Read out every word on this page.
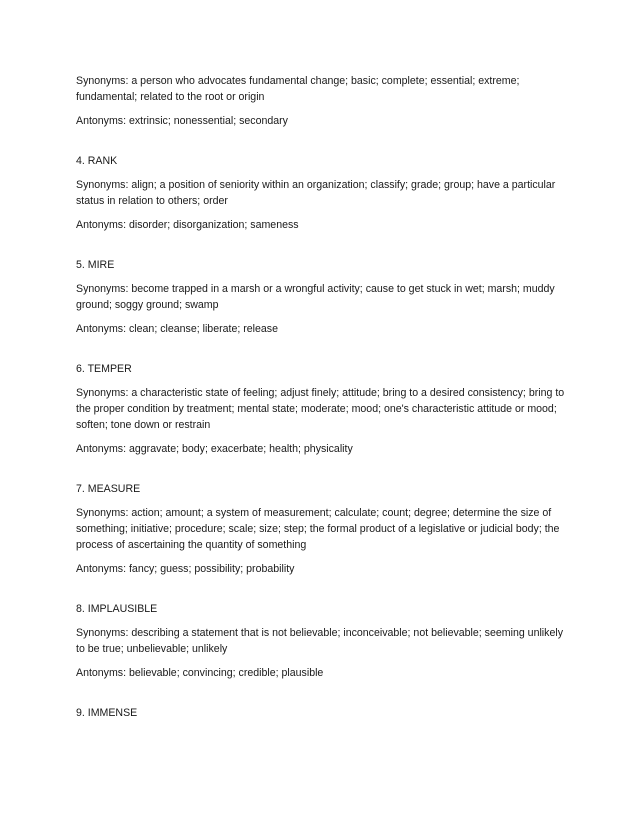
Synonyms: a person who advocates fundamental change; basic; complete; essential; extreme; fundamental; related to the root or origin

Antonyms: extrinsic; nonessential; secondary

4. RANK

Synonyms: align; a position of seniority within an organization; classify; grade; group; have a particular status in relation to others; order

Antonyms: disorder; disorganization; sameness

5. MIRE

Synonyms: become trapped in a marsh or a wrongful activity; cause to get stuck in wet; marsh; muddy ground; soggy ground; swamp

Antonyms: clean; cleanse; liberate; release

6. TEMPER

Synonyms: a characteristic state of feeling; adjust finely; attitude; bring to a desired consistency; bring to the proper condition by treatment; mental state; moderate; mood; one's characteristic attitude or mood; soften; tone down or restrain

Antonyms: aggravate; body; exacerbate; health; physicality

7. MEASURE

Synonyms: action; amount; a system of measurement; calculate; count; degree; determine the size of something; initiative; procedure; scale; size; step; the formal product of a legislative or judicial body; the process of ascertaining the quantity of something

Antonyms: fancy; guess; possibility; probability

8. IMPLAUSIBLE

Synonyms: describing a statement that is not believable; inconceivable; not believable; seeming unlikely to be true; unbelievable; unlikely

Antonyms: believable; convincing; credible; plausible

9. IMMENSE
